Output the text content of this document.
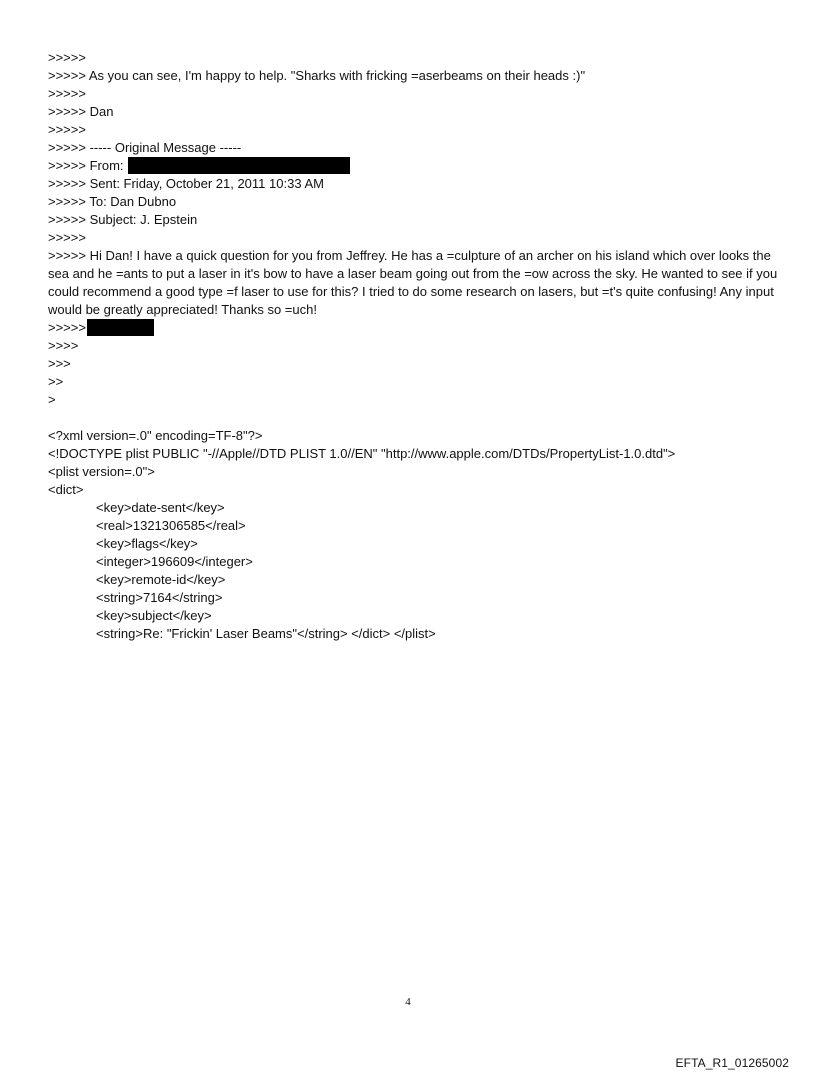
>>>>>
>>>>> As you can see, I'm happy to help. "Sharks with fricking =aserbeams on their heads :)"
>>>>>
>>>>> Dan
>>>>>
>>>>> ----- Original Message -----
>>>>> From:
>>>>> Sent: Friday, October 21, 2011 10:33 AM
>>>>> To: Dan Dubno
>>>>> Subject: J. Epstein
>>>>>
>>>>> Hi Dan! I have a quick question for you from Jeffrey. He has a =culpture of an archer on his island which over looks the sea and he =ants to put a laser in it's bow to have a laser beam going out from the =ow across the sky. He wanted to see if you could recommend a good type =f laser to use for this? I tried to do some research on lasers, but =t's quite confusing! Any input would be greatly appreciated! Thanks so =uch!
>>>>>
>>>>
>>>
>>
>
<?xml version=.0" encoding=TF-8"?>
<!DOCTYPE plist PUBLIC "-//Apple//DTD PLIST 1.0//EN" "http://www.apple.com/DTDs/PropertyList-1.0.dtd">
<plist version=.0">
<dict>
<key>date-sent</key>
<real>1321306585</real>
<key>flags</key>
<integer>196609</integer>
<key>remote-id</key>
<string>7164</string>
<key>subject</key>
<string>Re: "Frickin' Laser Beams"</string> </dict> </plist>
4
EFTA_R1_01265002
